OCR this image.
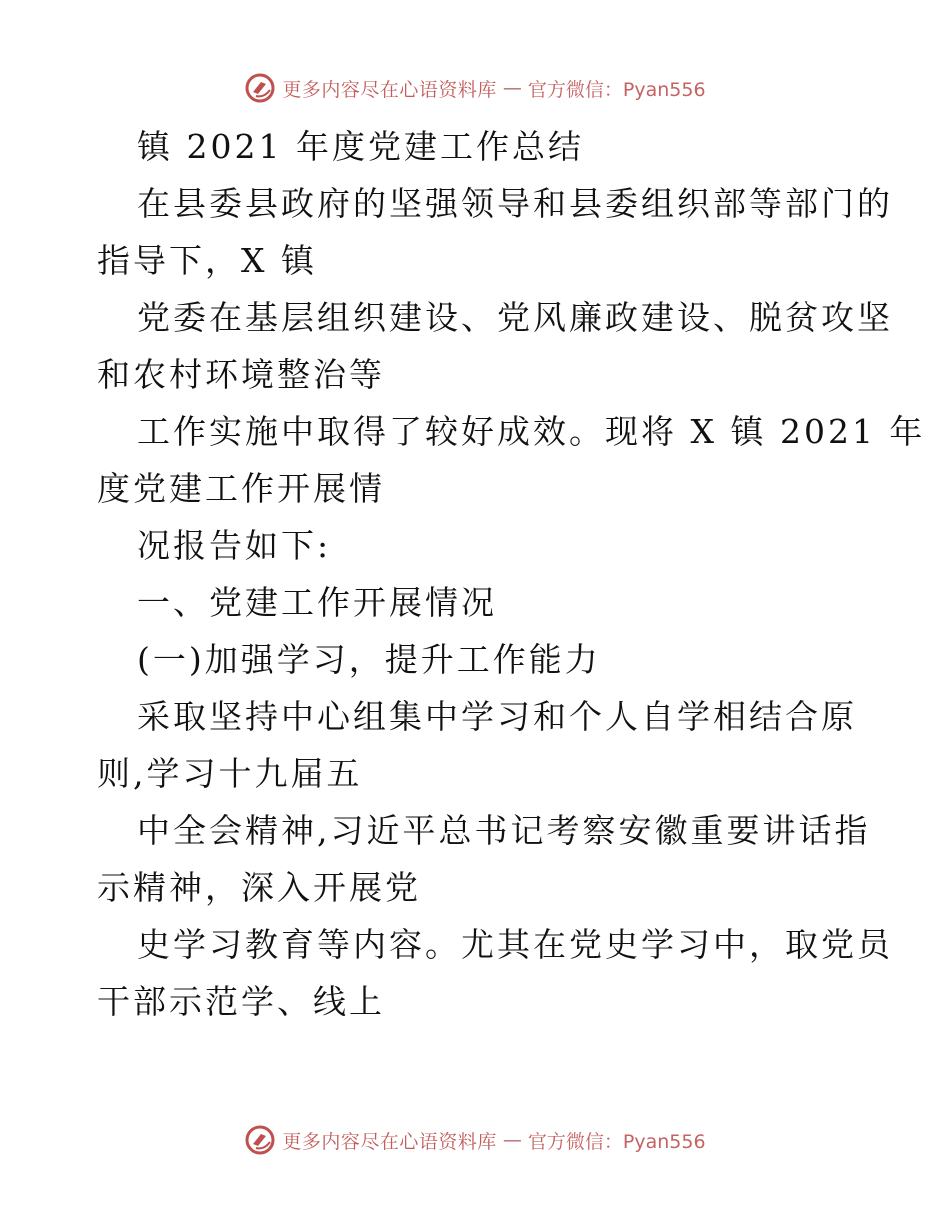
更多内容尽在心语资料库 — 官方微信：Pyan556
镇 2021 年度党建工作总结
在县委县政府的坚强领导和县委组织部等部门的
指导下，X 镇
党委在基层组织建设、党风廉政建设、脱贫攻坚
和农村环境整治等
工作实施中取得了较好成效。现将 X 镇 2021 年
度党建工作开展情
况报告如下:
一、党建工作开展情况
(一)加强学习，提升工作能力
采取坚持中心组集中学习和个人自学相结合原
则,学习十九届五
中全会精神,习近平总书记考察安徽重要讲话指
示精神，深入开展党
史学习教育等内容。尤其在党史学习中，取党员
干部示范学、线上
更多内容尽在心语资料库 — 官方微信：Pyan556
